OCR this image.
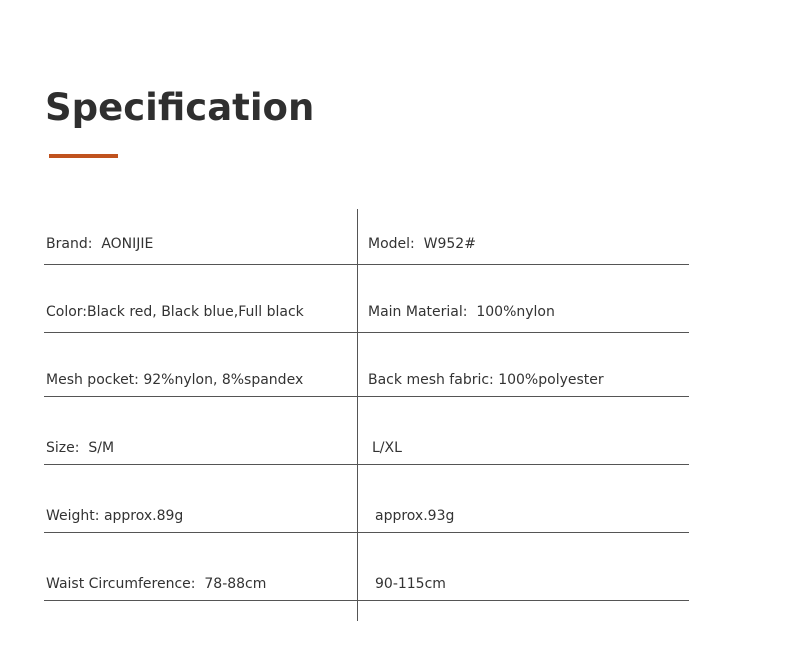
Specification
Brand:  AONIJIE	Model:  W952#
Color:Black red, Black blue,Full black	Main Material:  100%nylon
Mesh pocket: 92%nylon, 8%spandex	Back mesh fabric: 100%polyester
Size:  S/M	L/XL
Weight: approx.89g	approx.93g
Waist Circumference:  78-88cm	90-115cm
